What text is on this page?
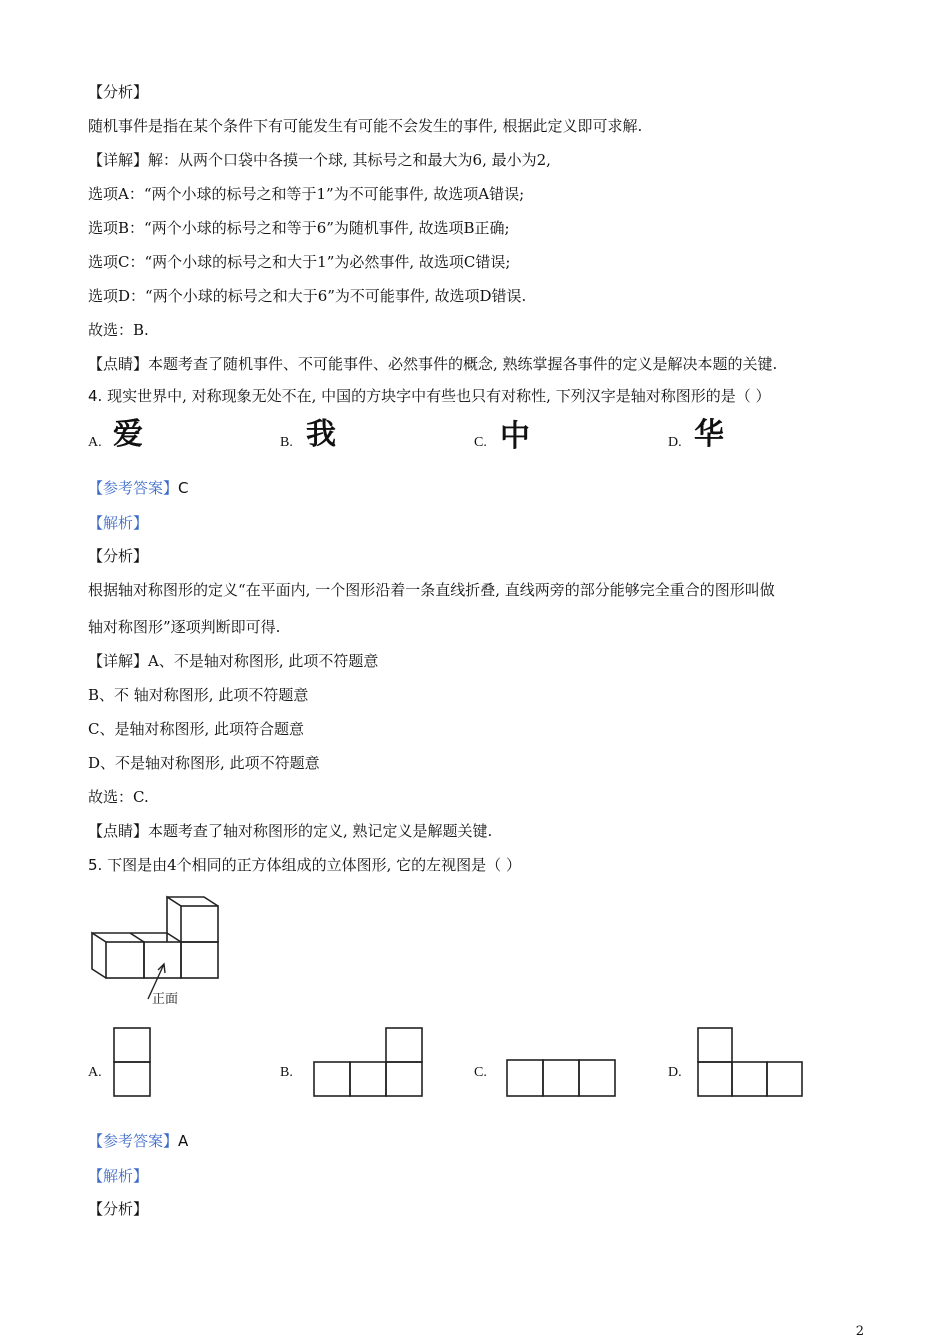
【分析】
随机事件是指在某个条件下有可能发生有可能不会发生的事件, 根据此定义即可求解.
【详解】解：从两个口袋中各摸一个球, 其标号之和最大为6, 最小为2,
选项A：“两个小球的标号之和等于1”为不可能事件, 故选项A错误;
选项B：“两个小球的标号之和等于6”为随机事件, 故选项B正确;
选项C：“两个小球的标号之和大于1”为必然事件, 故选项C错误;
选项D：“两个小球的标号之和大于6”为不可能事件, 故选项D错误.
故选：B.
【点睛】本题考查了随机事件、不可能事件、必然事件的概念, 熟练掌握各事件的定义是解决本题的关键.
4. 现实世界中, 对称现象无处不在, 中国的方块字中有些也只有对称性, 下列汉字是轴对称图形的是（ ）
A. 爱	B. 我	C. 中	D. 华
【参考答案】C
【解析】
【分析】
根据轴对称图形的定义“在平面内, 一个图形沿着一条直线折叠, 直线两旁的部分能够完全重合的图形叫做
轴对称图形”逐项判断即可得.
【详解】A、不是轴对称图形, 此项不符题意
B、不 轴对称图形, 此项不符题意
C、是轴对称图形, 此项符合题意
D、不是轴对称图形, 此项不符题意
故选：C.
【点睛】本题考查了轴对称图形的定义, 熟记定义是解题关键.
5. 下图是由4个相同的正方体组成的立体图形, 它的左视图是（ ）
正面
A.	B.	C.	D.
【参考答案】A
【解析】
【分析】
2
